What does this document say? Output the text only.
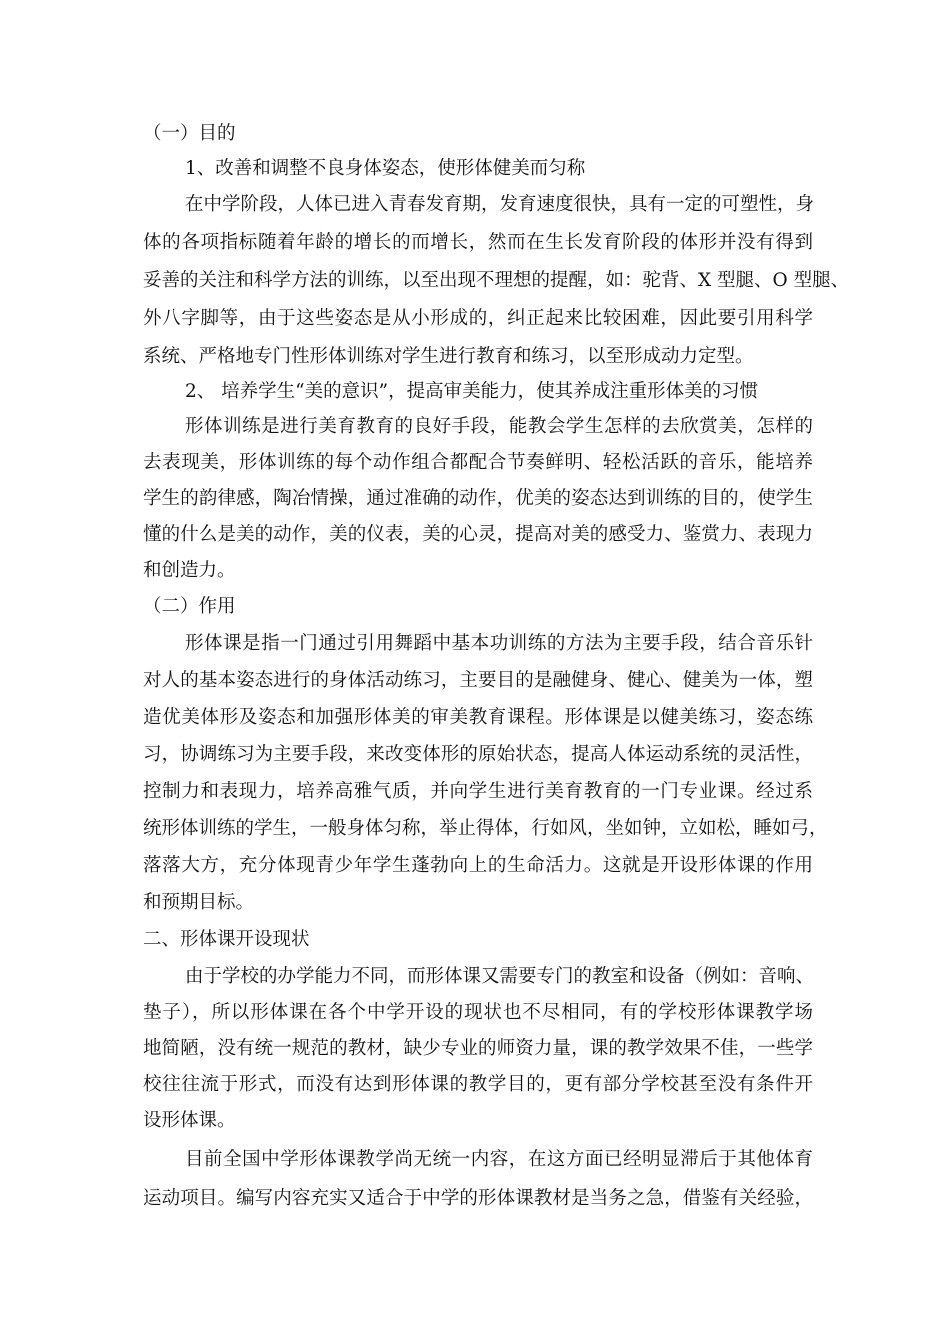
（一）目的
1、改善和调整不良身体姿态，使形体健美而匀称
在中学阶段，人体已进入青春发育期，发育速度很快，具有一定的可塑性，身
体的各项指标随着年龄的增长的而增长，然而在生长发育阶段的体形并没有得到
妥善的关注和科学方法的训练，以至出现不理想的提醒，如：驼背、X 型腿、O 型腿、
外八字脚等，由于这些姿态是从小形成的，纠正起来比较困难，因此要引用科学
系统、严格地专门性形体训练对学生进行教育和练习，以至形成动力定型。
2、 培养学生“美的意识”，提高审美能力，使其养成注重形体美的习惯
形体训练是进行美育教育的良好手段，能教会学生怎样的去欣赏美，怎样的
去表现美，形体训练的每个动作组合都配合节奏鲜明、轻松活跃的音乐，能培养
学生的韵律感，陶冶情操，通过准确的动作，优美的姿态达到训练的目的，使学生
懂的什么是美的动作，美的仪表，美的心灵，提高对美的感受力、鉴赏力、表现力
和创造力。
（二）作用
形体课是指一门通过引用舞蹈中基本功训练的方法为主要手段，结合音乐针
对人的基本姿态进行的身体活动练习，主要目的是融健身、健心、健美为一体，塑
造优美体形及姿态和加强形体美的审美教育课程。形体课是以健美练习，姿态练
习，协调练习为主要手段，来改变体形的原始状态，提高人体运动系统的灵活性，
控制力和表现力，培养高雅气质，并向学生进行美育教育的一门专业课。经过系
统形体训练的学生，一般身体匀称，举止得体，行如风，坐如钟，立如松，睡如弓，
落落大方，充分体现青少年学生蓬勃向上的生命活力。这就是开设形体课的作用
和预期目标。
二、形体课开设现状
由于学校的办学能力不同，而形体课又需要专门的教室和设备（例如：音响、
垫子），所以形体课在各个中学开设的现状也不尽相同，有的学校形体课教学场
地简陋，没有统一规范的教材，缺少专业的师资力量，课的教学效果不佳，一些学
校往往流于形式，而没有达到形体课的教学目的，更有部分学校甚至没有条件开
设形体课。
目前全国中学形体课教学尚无统一内容，在这方面已经明显滞后于其他体育
运动项目。编写内容充实又适合于中学的形体课教材是当务之急，借鉴有关经验，
